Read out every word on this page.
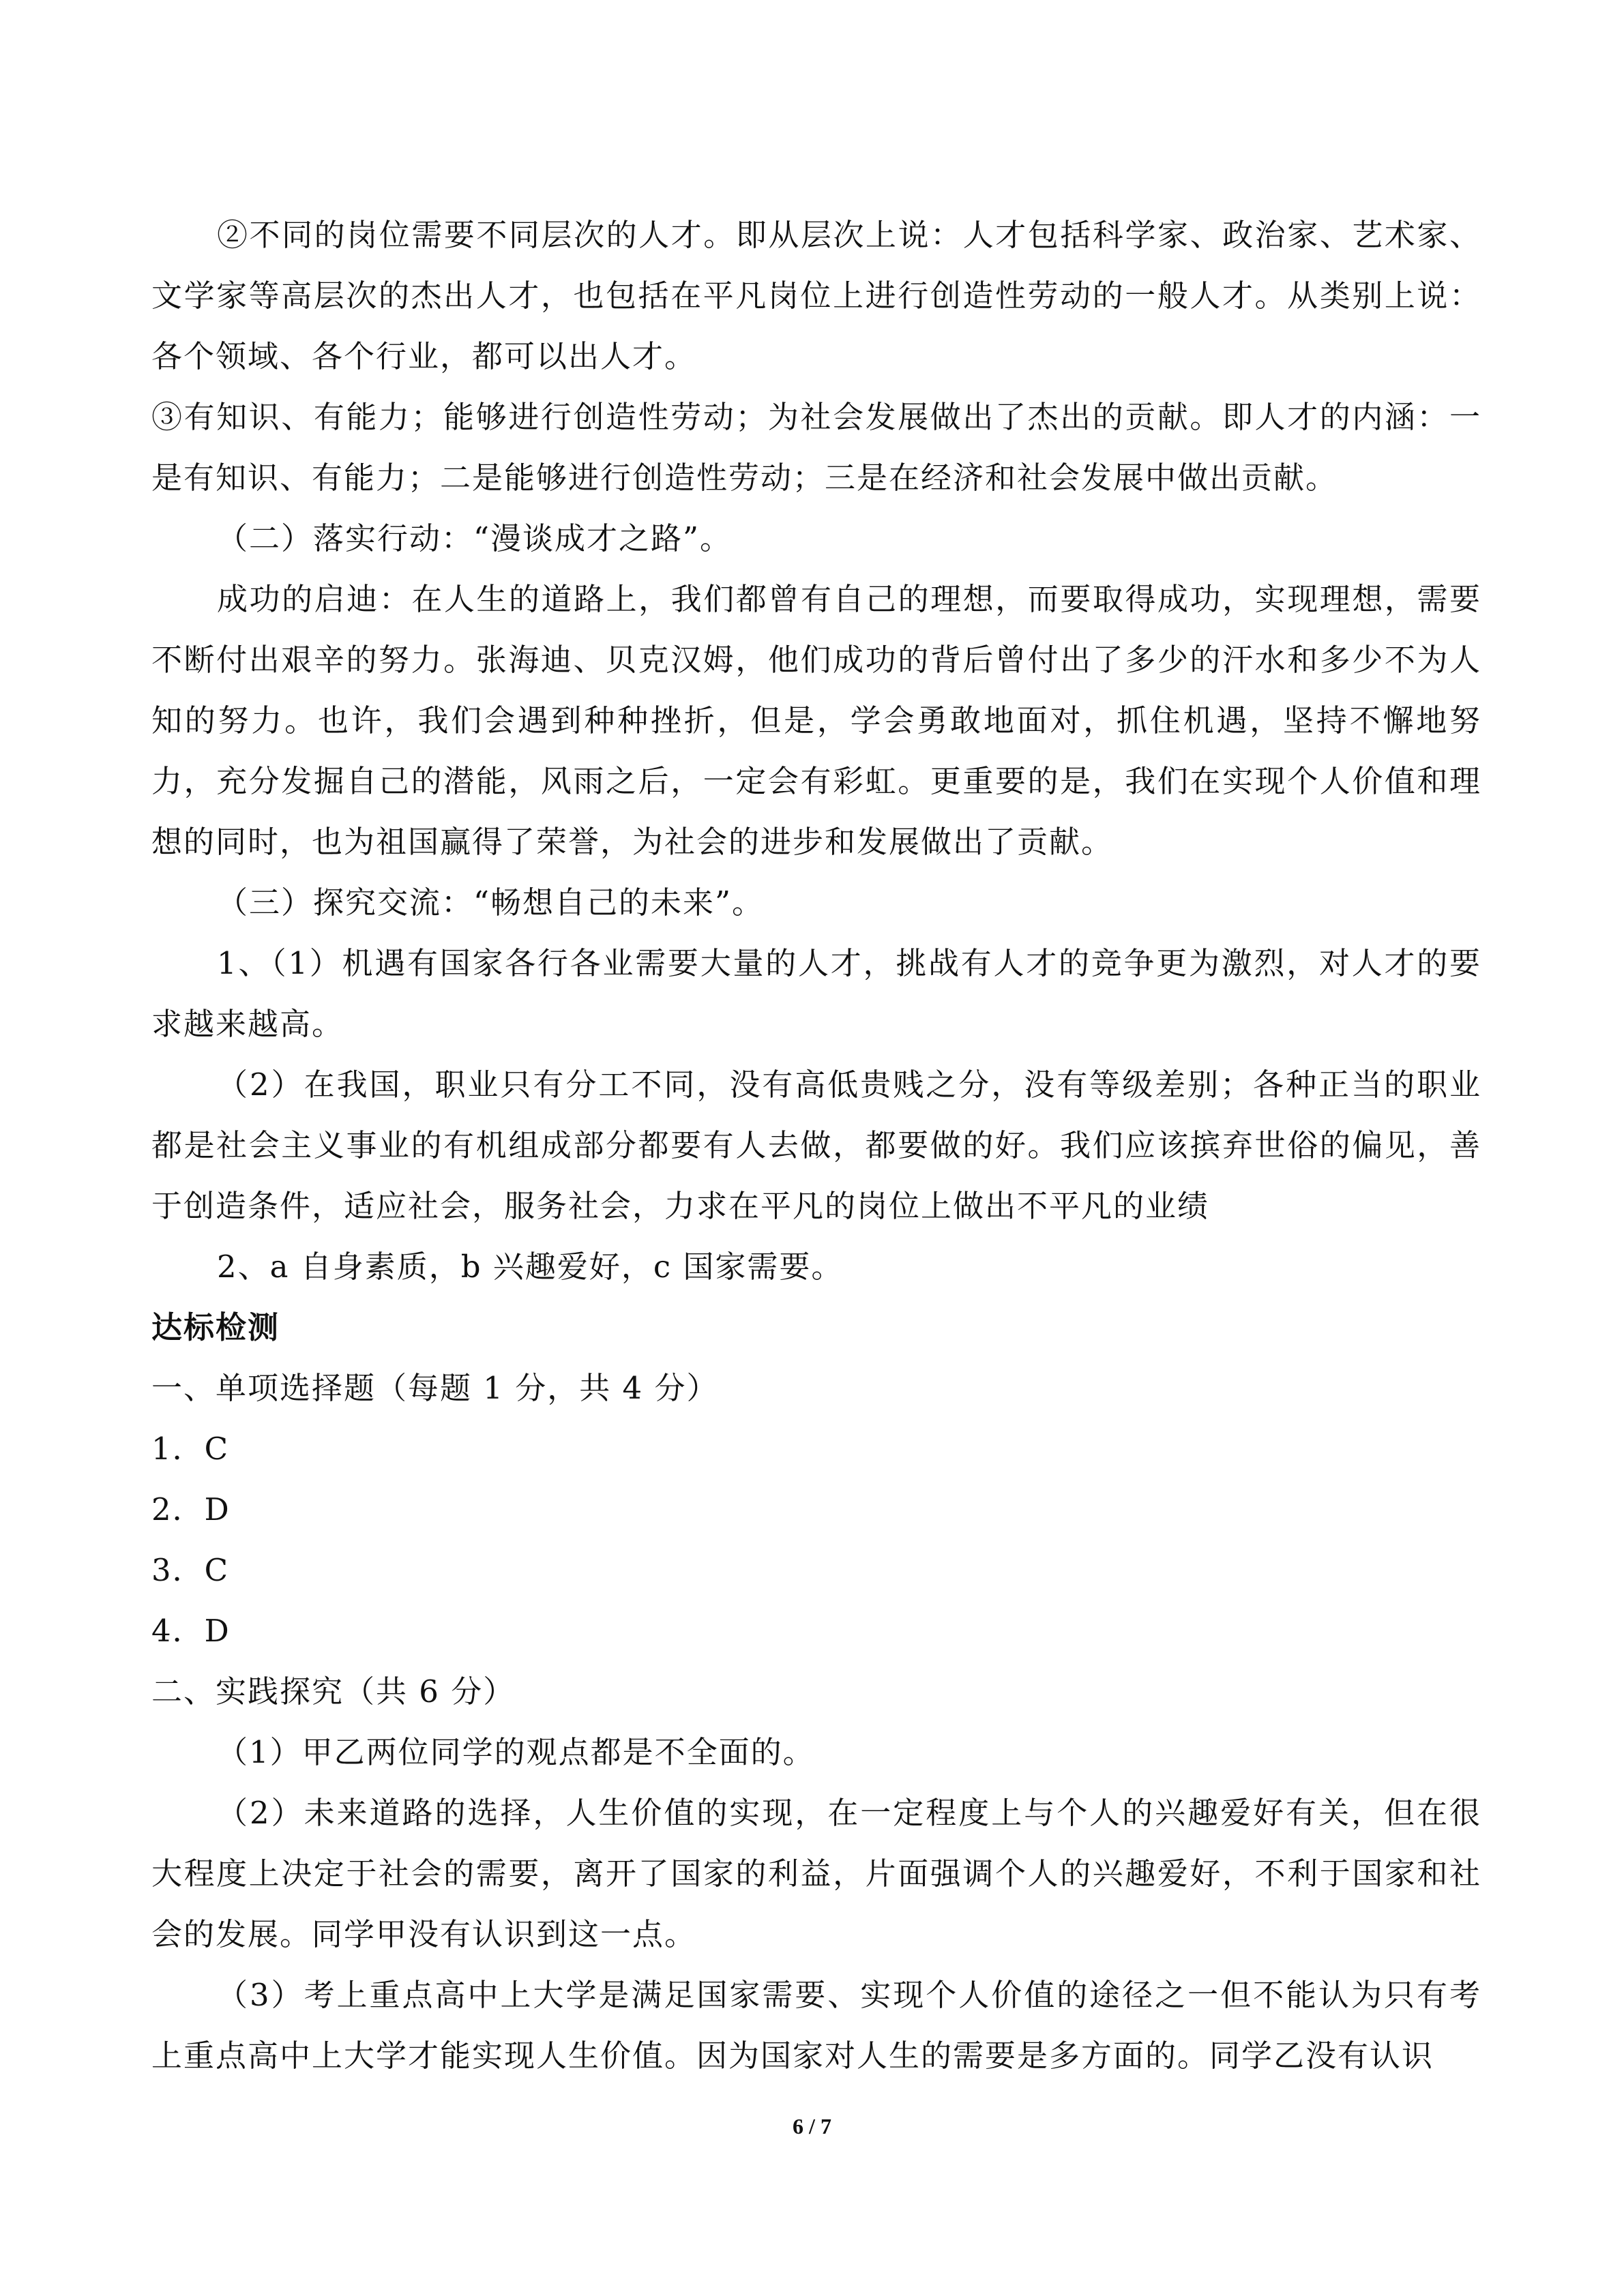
②不同的岗位需要不同层次的人才。即从层次上说：人才包括科学家、政治家、艺术家、文学家等高层次的杰出人才，也包括在平凡岗位上进行创造性劳动的一般人才。从类别上说：各个领域、各个行业，都可以出人才。

③有知识、有能力；能够进行创造性劳动；为社会发展做出了杰出的贡献。即人才的内涵：一是有知识、有能力；二是能够进行创造性劳动；三是在经济和社会发展中做出贡献。

（二）落实行动：“漫谈成才之路”。

成功的启迪：在人生的道路上，我们都曾有自己的理想，而要取得成功，实现理想，需要不断付出艰辛的努力。张海迪、贝克汉姆，他们成功的背后曾付出了多少的汗水和多少不为人知的努力。也许，我们会遇到种种挫折，但是，学会勇敢地面对，抓住机遇，坚持不懈地努力，充分发掘自己的潜能，风雨之后，一定会有彩虹。更重要的是，我们在实现个人价值和理想的同时，也为祖国赢得了荣誉，为社会的进步和发展做出了贡献。

（三）探究交流：“畅想自己的未来”。

1、（1）机遇有国家各行各业需要大量的人才，挑战有人才的竞争更为激烈，对人才的要求越来越高。

（2）在我国，职业只有分工不同，没有高低贵贱之分，没有等级差别；各种正当的职业都是社会主义事业的有机组成部分都要有人去做，都要做的好。我们应该摈弃世俗的偏见，善于创造条件，适应社会，服务社会，力求在平凡的岗位上做出不平凡的业绩

2、a 自身素质，b 兴趣爱好，c 国家需要。

达标检测

一、单项选择题（每题 1 分，共 4 分）

1．C

2．D

3．C

4．D

二、实践探究（共 6 分）

（1）甲乙两位同学的观点都是不全面的。

（2）未来道路的选择，人生价值的实现，在一定程度上与个人的兴趣爱好有关，但在很大程度上决定于社会的需要，离开了国家的利益，片面强调个人的兴趣爱好，不利于国家和社会的发展。同学甲没有认识到这一点。

（3）考上重点高中上大学是满足国家需要、实现个人价值的途径之一但不能认为只有考上重点高中上大学才能实现人生价值。因为国家对人生的需要是多方面的。同学乙没有认识

6 / 7
